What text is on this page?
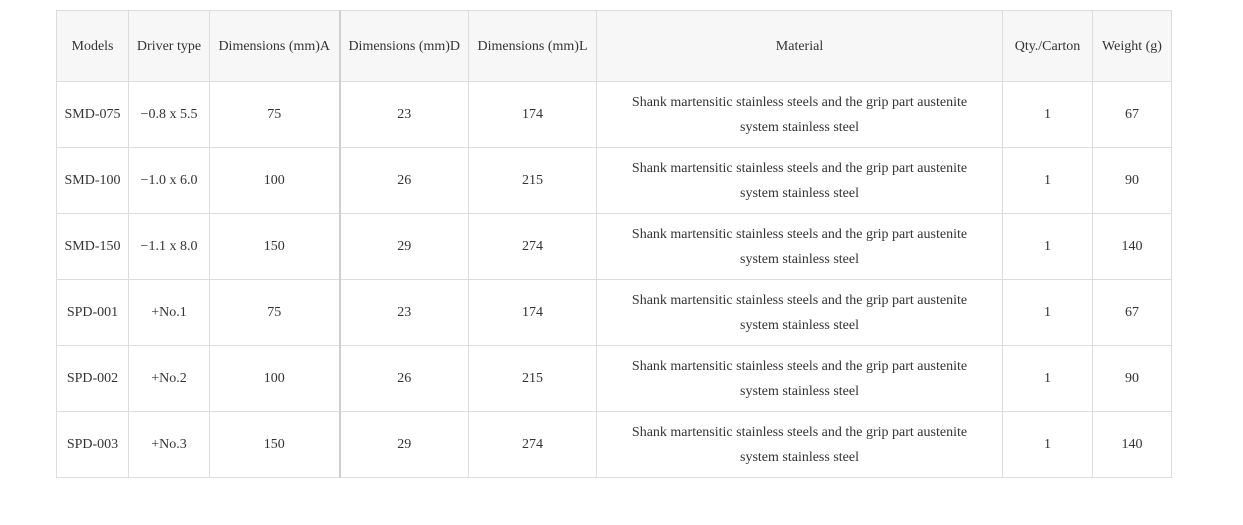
Models	Driver type	Dimensions (mm)A	Dimensions (mm)D	Dimensions (mm)L	Material	Qty./Carton	Weight (g)
SMD-075	−0.8 x 5.5	75	23	174	Shank martensitic stainless steels and the grip part austenite system stainless steel	1	67
SMD-100	−1.0 x 6.0	100	26	215	Shank martensitic stainless steels and the grip part austenite system stainless steel	1	90
SMD-150	−1.1 x 8.0	150	29	274	Shank martensitic stainless steels and the grip part austenite system stainless steel	1	140
SPD-001	+No.1	75	23	174	Shank martensitic stainless steels and the grip part austenite system stainless steel	1	67
SPD-002	+No.2	100	26	215	Shank martensitic stainless steels and the grip part austenite system stainless steel	1	90
SPD-003	+No.3	150	29	274	Shank martensitic stainless steels and the grip part austenite system stainless steel	1	140
